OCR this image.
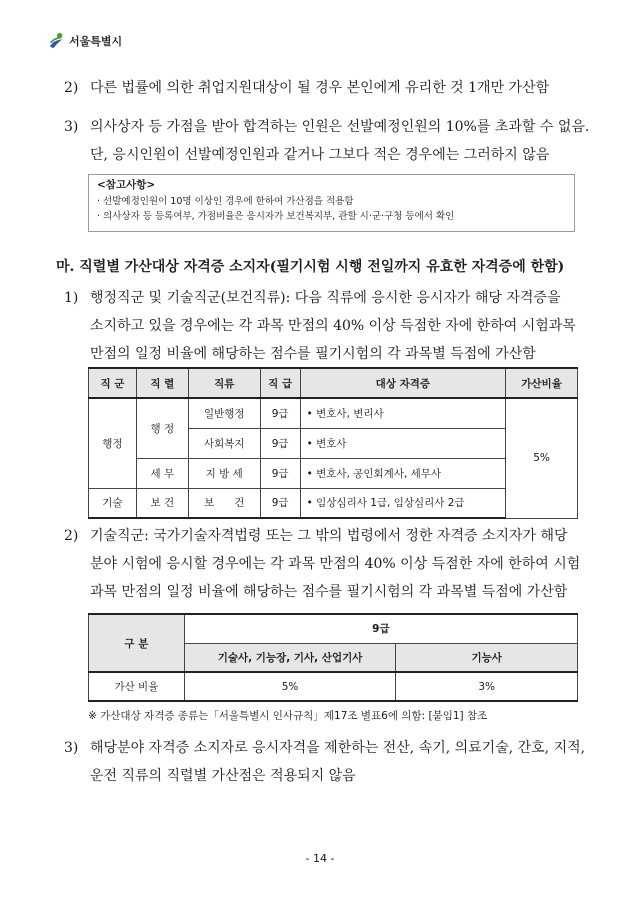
서울특별시
2) 다른 법률에 의한 취업지원대상이 될 경우 본인에게 유리한 것 1개만 가산함
3) 의사상자 등 가점을 받아 합격하는 인원은 선발예정인원의 10%를 초과할 수 없음.
단, 응시인원이 선발예정인원과 같거나 그보다 적은 경우에는 그러하지 않음
<참고사항>
· 선발예정인원이 10명 이상인 경우에 한하여 가산점을 적용함
· 의사상자 등 등록여부, 가점비율은 응시자가 보건복지부, 관할 시·군·구청 등에서 확인
마. 직렬별 가산대상 자격증 소지자(필기시험 시행 전일까지 유효한 자격증에 한함)
1) 행정직군 및 기술직군(보건직류): 다음 직류에 응시한 응시자가 해당 자격증을
소지하고 있을 경우에는 각 과목 만점의 40% 이상 득점한 자에 한하여 시험과목
만점의 일정 비율에 해당하는 점수를 필기시험의 각 과목별 득점에 가산함
직 군	직 렬	직류	직 급	대상 자격증	가산비율
행정	행 정	일반행정	9급	• 변호사, 변리사	5%
		사회복지	9급	• 변호사	
	세 무	지 방 세	9급	• 변호사, 공인회계사, 세무사	
기술	보 건	보      건	9급	• 임상심리사 1급, 임상심리사 2급	
2) 기술직군: 국가기술자격법령 또는 그 밖의 법령에서 정한 자격증 소지자가 해당
분야 시험에 응시할 경우에는 각 과목 만점의 40% 이상 득점한 자에 한하여 시험
과목 만점의 일정 비율에 해당하는 점수를 필기시험의 각 과목별 득점에 가산함
구 분	9급	
	기술사, 기능장, 기사, 산업기사	기능사
가산 비율	5%	3%
※ 가산대상 자격증 종류는「서울특별시 인사규칙」제17조 별표6에 의함: [붙임1] 참조
3) 해당분야 자격증 소지자로 응시자격을 제한하는 전산, 속기, 의료기술, 간호, 지적,
운전 직류의 직렬별 가산점은 적용되지 않음
- 14 -
